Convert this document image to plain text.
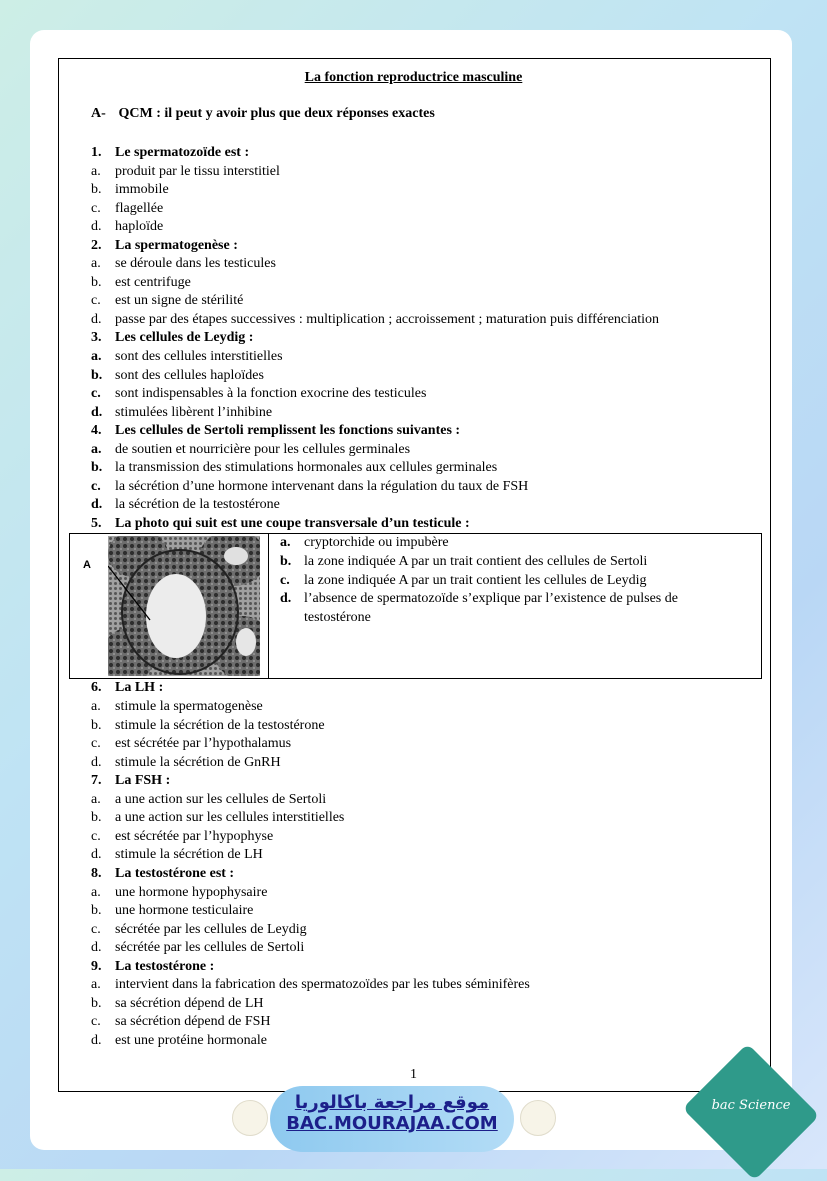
La fonction reproductrice masculine
A- QCM : il peut y avoir plus que deux réponses exactes
1. Le spermatozoïde est :
a. produit par le tissu interstitiel
b. immobile
c. flagellée
d. haploïde
2. La spermatogenèse :
a. se déroule dans les testicules
b. est centrifuge
c. est un signe de stérilité
d. passe par des étapes successives : multiplication ; accroissement ; maturation puis différenciation
3. Les cellules de Leydig :
a. sont des cellules interstitielles
b. sont des cellules haploïdes
c. sont indispensables à la fonction exocrine des testicules
d. stimulées libèrent l’inhibine
4. Les cellules de Sertoli remplissent les fonctions suivantes :
a. de soutien et nourricière pour les cellules germinales
b. la transmission des stimulations hormonales aux cellules germinales
c. la sécrétion d’une hormone intervenant dans la régulation du taux de FSH
d. la sécrétion de la testostérone
5. La photo qui suit est une coupe transversale d’un testicule :
A
a. cryptorchide ou impubère
b. la zone indiquée A par un trait contient des cellules de Sertoli
c. la zone indiquée A par un trait contient les cellules de Leydig
d. l’absence de spermatozoïde s’explique par l’existence de pulses de testostérone
6. La LH :
a. stimule la spermatogenèse
b. stimule la sécrétion de la testostérone
c. est sécrétée par l’hypothalamus
d. stimule la sécrétion de GnRH
7. La FSH :
a. a une action sur les cellules de Sertoli
b. a une action sur les cellules interstitielles
c. est sécrétée par l’hypophyse
d. stimule la sécrétion de LH
8. La testostérone est :
a. une hormone hypophysaire
b. une hormone testiculaire
c. sécrétée par les cellules de Leydig
d. sécrétée par les cellules de Sertoli
9. La testostérone :
a. intervient dans la fabrication des spermatozoïdes par les tubes séminifères
b. sa sécrétion dépend de LH
c. sa sécrétion dépend de FSH
d. est une protéine hormonale
1
موقع مراجعة باكالوريا
BAC.MOURAJAA.COM
bac Science
